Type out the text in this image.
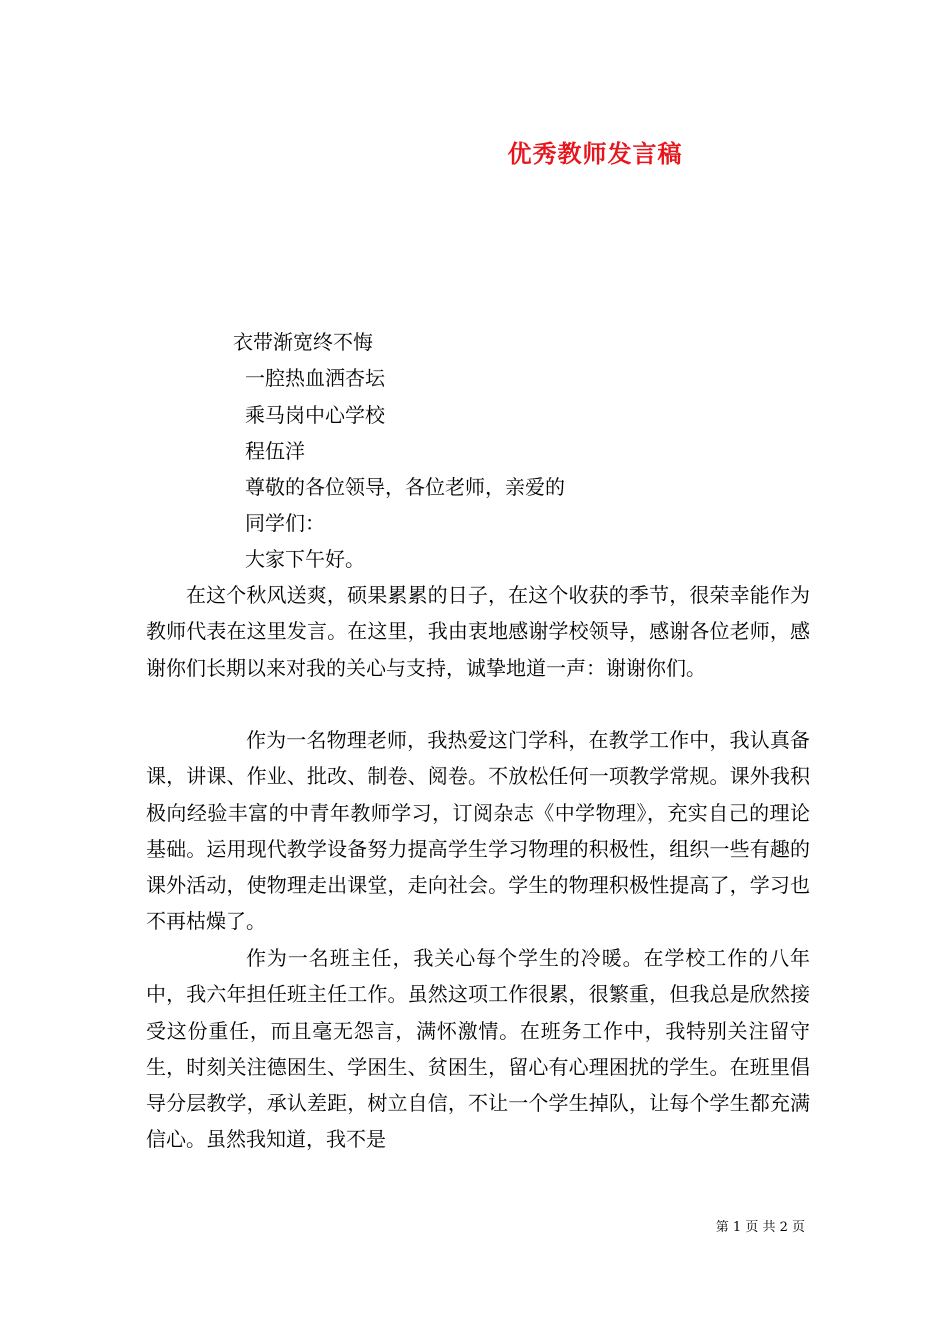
优秀教师发言稿
衣带渐宽终不悔
一腔热血洒杏坛
乘马岗中心学校
程伍洋
尊敬的各位领导，各位老师，亲爱的
同学们：
大家下午好。

在这个秋风送爽，硕果累累的日子，在这个收获的季节，很荣幸能作为教师代表在这里发言。在这里，我由衷地感谢学校领导，感谢各位老师，感谢你们长期以来对我的关心与支持，诚挚地道一声：谢谢你们。

作为一名物理老师，我热爱这门学科，在教学工作中，我认真备课，讲课、作业、批改、制卷、阅卷。不放松任何一项教学常规。课外我积极向经验丰富的中青年教师学习，订阅杂志《中学物理》，充实自己的理论基础。运用现代教学设备努力提高学生学习物理的积极性，组织一些有趣的课外活动，使物理走出课堂，走向社会。学生的物理积极性提高了，学习也不再枯燥了。

作为一名班主任，我关心每个学生的冷暖。在学校工作的八年中，我六年担任班主任工作。虽然这项工作很累，很繁重，但我总是欣然接受这份重任，而且毫无怨言，满怀激情。在班务工作中，我特别关注留守生，时刻关注德困生、学困生、贫困生，留心有心理困扰的学生。在班里倡导分层教学，承认差距，树立自信，不让一个学生掉队，让每个学生都充满信心。虽然我知道，我不是

第 1 页 共 2 页
